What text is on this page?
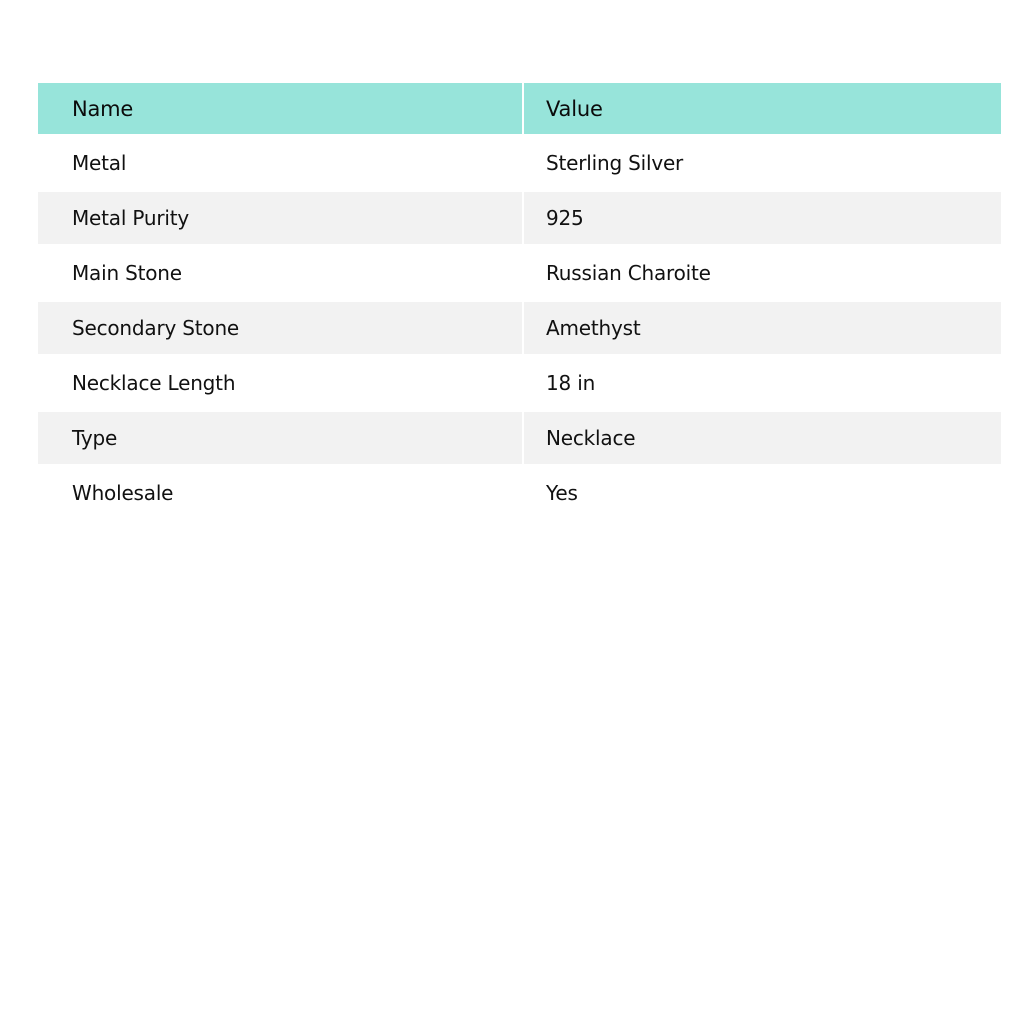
Name	Value
Metal	Sterling Silver
Metal Purity	925
Main Stone	Russian Charoite
Secondary Stone	Amethyst
Necklace Length	18 in
Type	Necklace
Wholesale	Yes
